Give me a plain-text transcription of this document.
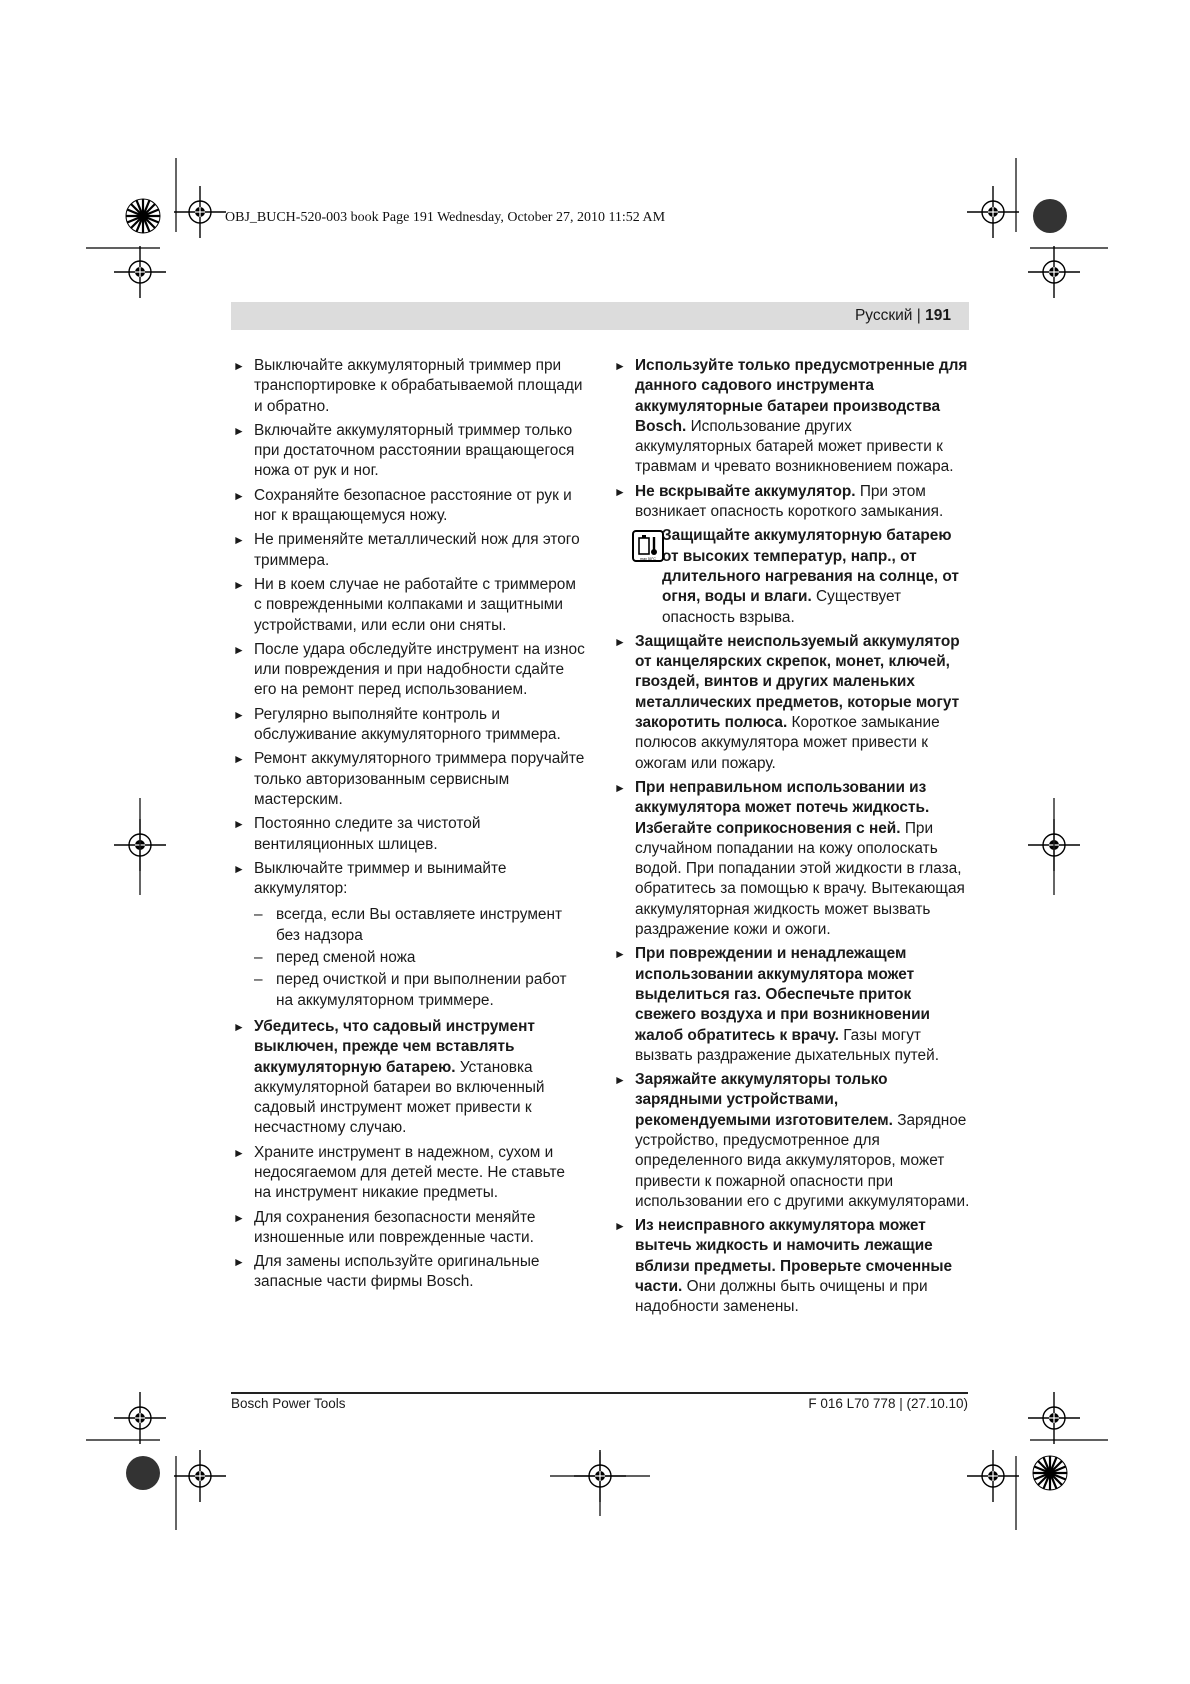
OBJ_BUCH-520-003 book Page 191 Wednesday, October 27, 2010 11:52 AM
Русский | 191
► Выключайте аккумуляторный триммер при транспортировке к обрабатываемой площади и обратно.
► Включайте аккумуляторный триммер только при достаточном расстоянии вращающегося ножа от рук и ног.
► Сохраняйте безопасное расстояние от рук и ног к вращающемуся ножу.
► Не применяйте металлический нож для этого триммера.
► Ни в коем случае не работайте с триммером с поврежденными колпаками и защитными устройствами, или если они сняты.
► После удара обследуйте инструмент на износ или повреждения и при надобности сдайте его на ремонт перед использованием.
► Регулярно выполняйте контроль и обслуживание аккумуляторного триммера.
► Ремонт аккумуляторного триммера поручайте только авторизованным сервисным мастерским.
► Постоянно следите за чистотой вентиляционных шлицев.
► Выключайте триммер и вынимайте аккумулятор:
– всегда, если Вы оставляете инструмент без надзора
– перед сменой ножа
– перед очисткой и при выполнении работ на аккумуляторном триммере.
► Убедитесь, что садовый инструмент выключен, прежде чем вставлять аккумуляторную батарею. Установка аккумуляторной батареи во включенный садовый инструмент может привести к несчастному случаю.
► Храните инструмент в надежном, сухом и недосягаемом для детей месте. Не ставьте на инструмент никакие предметы.
► Для сохранения безопасности меняйте изношенные или поврежденные части.
► Для замены используйте оригинальные запасные части фирмы Bosch.
► Используйте только предусмотренные для данного садового инструмента аккумуляторные батареи производства Bosch. Использование других аккумуляторных батарей может привести к травмам и чревато возникновением пожара.
► Не вскрывайте аккумулятор. При этом возникает опасность короткого замыкания.
max 50°C
Защищайте аккумуляторную батарею от высоких температур, напр., от длительного нагревания на солнце, от огня, воды и влаги. Существует опасность взрыва.
► Защищайте неиспользуемый аккумулятор от канцелярских скрепок, монет, ключей, гвоздей, винтов и других маленьких металлических предметов, которые могут закоротить полюса. Короткое замыкание полюсов аккумулятора может привести к ожогам или пожару.
► При неправильном использовании из аккумулятора может потечь жидкость. Избегайте соприкосновения с ней. При случайном попадании на кожу ополоскать водой. При попадании этой жидкости в глаза, обратитесь за помощью к врачу. Вытекающая аккумуляторная жидкость может вызвать раздражение кожи и ожоги.
► При повреждении и ненадлежащем использовании аккумулятора может выделиться газ. Обеспечьте приток свежего воздуха и при возникновении жалоб обратитесь к врачу. Газы могут вызвать раздражение дыхательных путей.
► Заряжайте аккумуляторы только зарядными устройствами, рекомендуемыми изготовителем. Зарядное устройство, предусмотренное для определенного вида аккумуляторов, может привести к пожарной опасности при использовании его с другими аккумуляторами.
► Из неисправного аккумулятора может вытечь жидкость и намочить лежащие вблизи предметы. Проверьте смоченные части. Они должны быть очищены и при надобности заменены.
Bosch Power Tools	F 016 L70 778 | (27.10.10)
